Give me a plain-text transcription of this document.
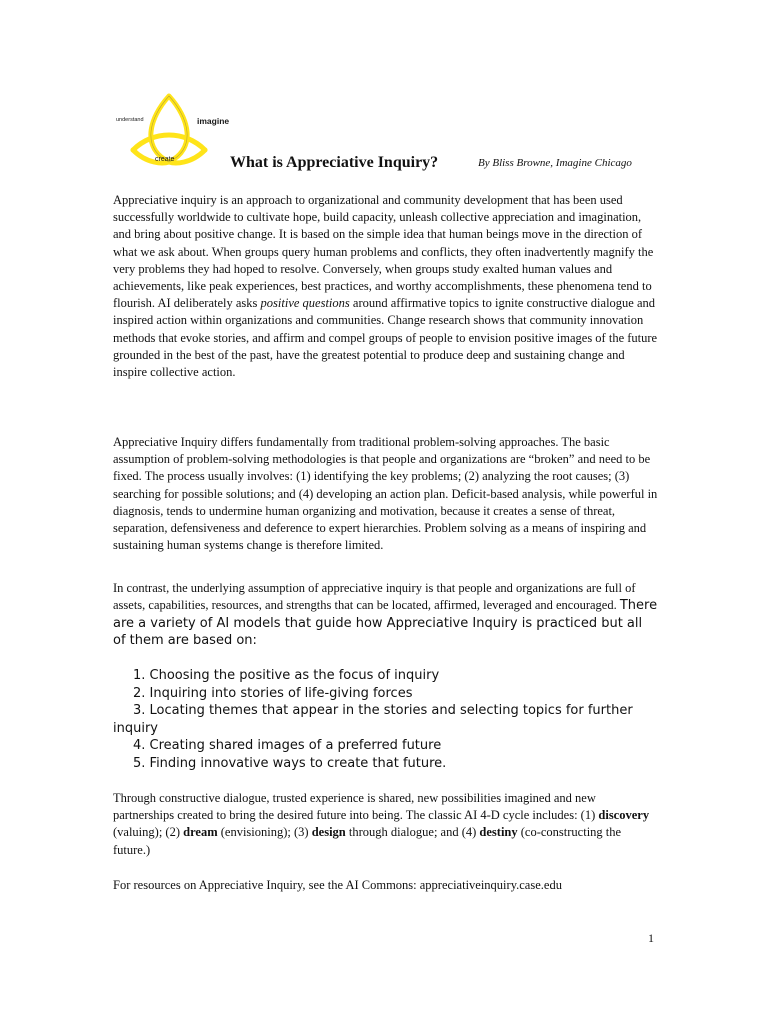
understand	imagine
create	What is Appreciative Inquiry?	By Bliss Browne, Imagine Chicago

Appreciative inquiry is an approach to organizational and community development that has been used successfully worldwide to cultivate hope, build capacity, unleash collective appreciation and imagination, and bring about positive change. It is based on the simple idea that human beings move in the direction of what we ask about. When groups query human problems and conflicts, they often inadvertently magnify the very problems they had hoped to resolve. Conversely, when groups study exalted human values and achievements, like peak experiences, best practices, and worthy accomplishments, these phenomena tend to flourish. AI deliberately asks positive questions around affirmative topics to ignite constructive dialogue and inspired action within organizations and communities. Change research shows that community innovation methods that evoke stories, and affirm and compel groups of people to envision positive images of the future grounded in the best of the past, have the greatest potential to produce deep and sustaining change and inspire collective action.

Appreciative Inquiry differs fundamentally from traditional problem-solving approaches. The basic assumption of problem-solving methodologies is that people and organizations are “broken” and need to be fixed. The process usually involves: (1) identifying the key problems; (2) analyzing the root causes; (3) searching for possible solutions; and (4) developing an action plan. Deficit-based analysis, while powerful in diagnosis, tends to undermine human organizing and motivation, because it creates a sense of threat, separation, defensiveness and deference to expert hierarchies. Problem solving as a means of inspiring and sustaining human systems change is therefore limited.

In contrast, the underlying assumption of appreciative inquiry is that people and organizations are full of assets, capabilities, resources, and strengths that can be located, affirmed, leveraged and encouraged. There are a variety of AI models that guide how Appreciative Inquiry is practiced but all of them are based on:

1. Choosing the positive as the focus of inquiry
2. Inquiring into stories of life-giving forces
3. Locating themes that appear in the stories and selecting topics for further inquiry
4. Creating shared images of a preferred future
5. Finding innovative ways to create that future.

Through constructive dialogue, trusted experience is shared, new possibilities imagined and new partnerships created to bring the desired future into being. The classic AI 4-D cycle includes: (1) discovery (valuing); (2) dream (envisioning); (3) design through dialogue; and (4) destiny (co-constructing the future.)

For resources on Appreciative Inquiry, see the AI Commons: appreciativeinquiry.case.edu

1
